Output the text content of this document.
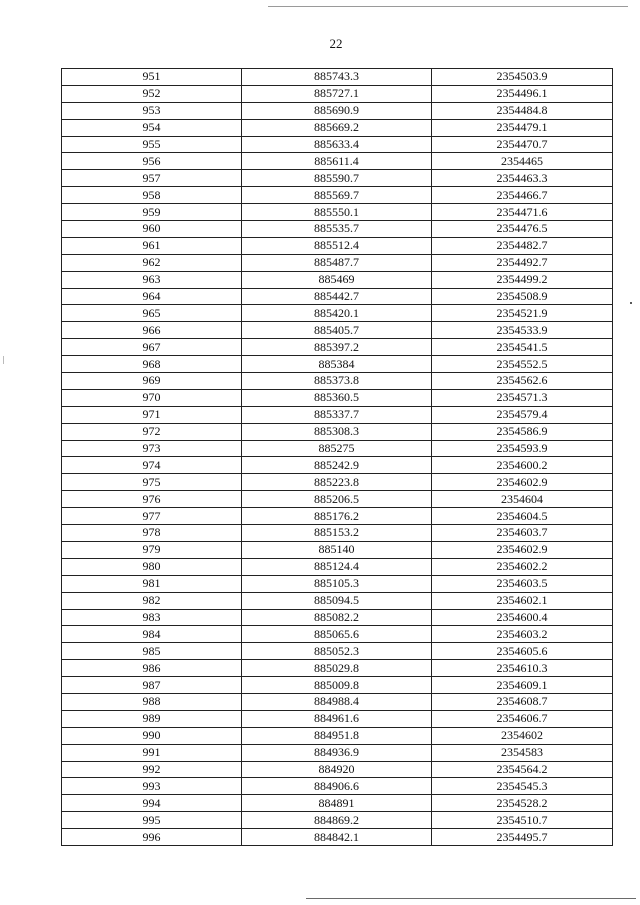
22
951	885743.3	2354503.9
952	885727.1	2354496.1
953	885690.9	2354484.8
954	885669.2	2354479.1
955	885633.4	2354470.7
956	885611.4	2354465
957	885590.7	2354463.3
958	885569.7	2354466.7
959	885550.1	2354471.6
960	885535.7	2354476.5
961	885512.4	2354482.7
962	885487.7	2354492.7
963	885469	2354499.2
964	885442.7	2354508.9
965	885420.1	2354521.9
966	885405.7	2354533.9
967	885397.2	2354541.5
968	885384	2354552.5
969	885373.8	2354562.6
970	885360.5	2354571.3
971	885337.7	2354579.4
972	885308.3	2354586.9
973	885275	2354593.9
974	885242.9	2354600.2
975	885223.8	2354602.9
976	885206.5	2354604
977	885176.2	2354604.5
978	885153.2	2354603.7
979	885140	2354602.9
980	885124.4	2354602.2
981	885105.3	2354603.5
982	885094.5	2354602.1
983	885082.2	2354600.4
984	885065.6	2354603.2
985	885052.3	2354605.6
986	885029.8	2354610.3
987	885009.8	2354609.1
988	884988.4	2354608.7
989	884961.6	2354606.7
990	884951.8	2354602
991	884936.9	2354583
992	884920	2354564.2
993	884906.6	2354545.3
994	884891	2354528.2
995	884869.2	2354510.7
996	884842.1	2354495.7
